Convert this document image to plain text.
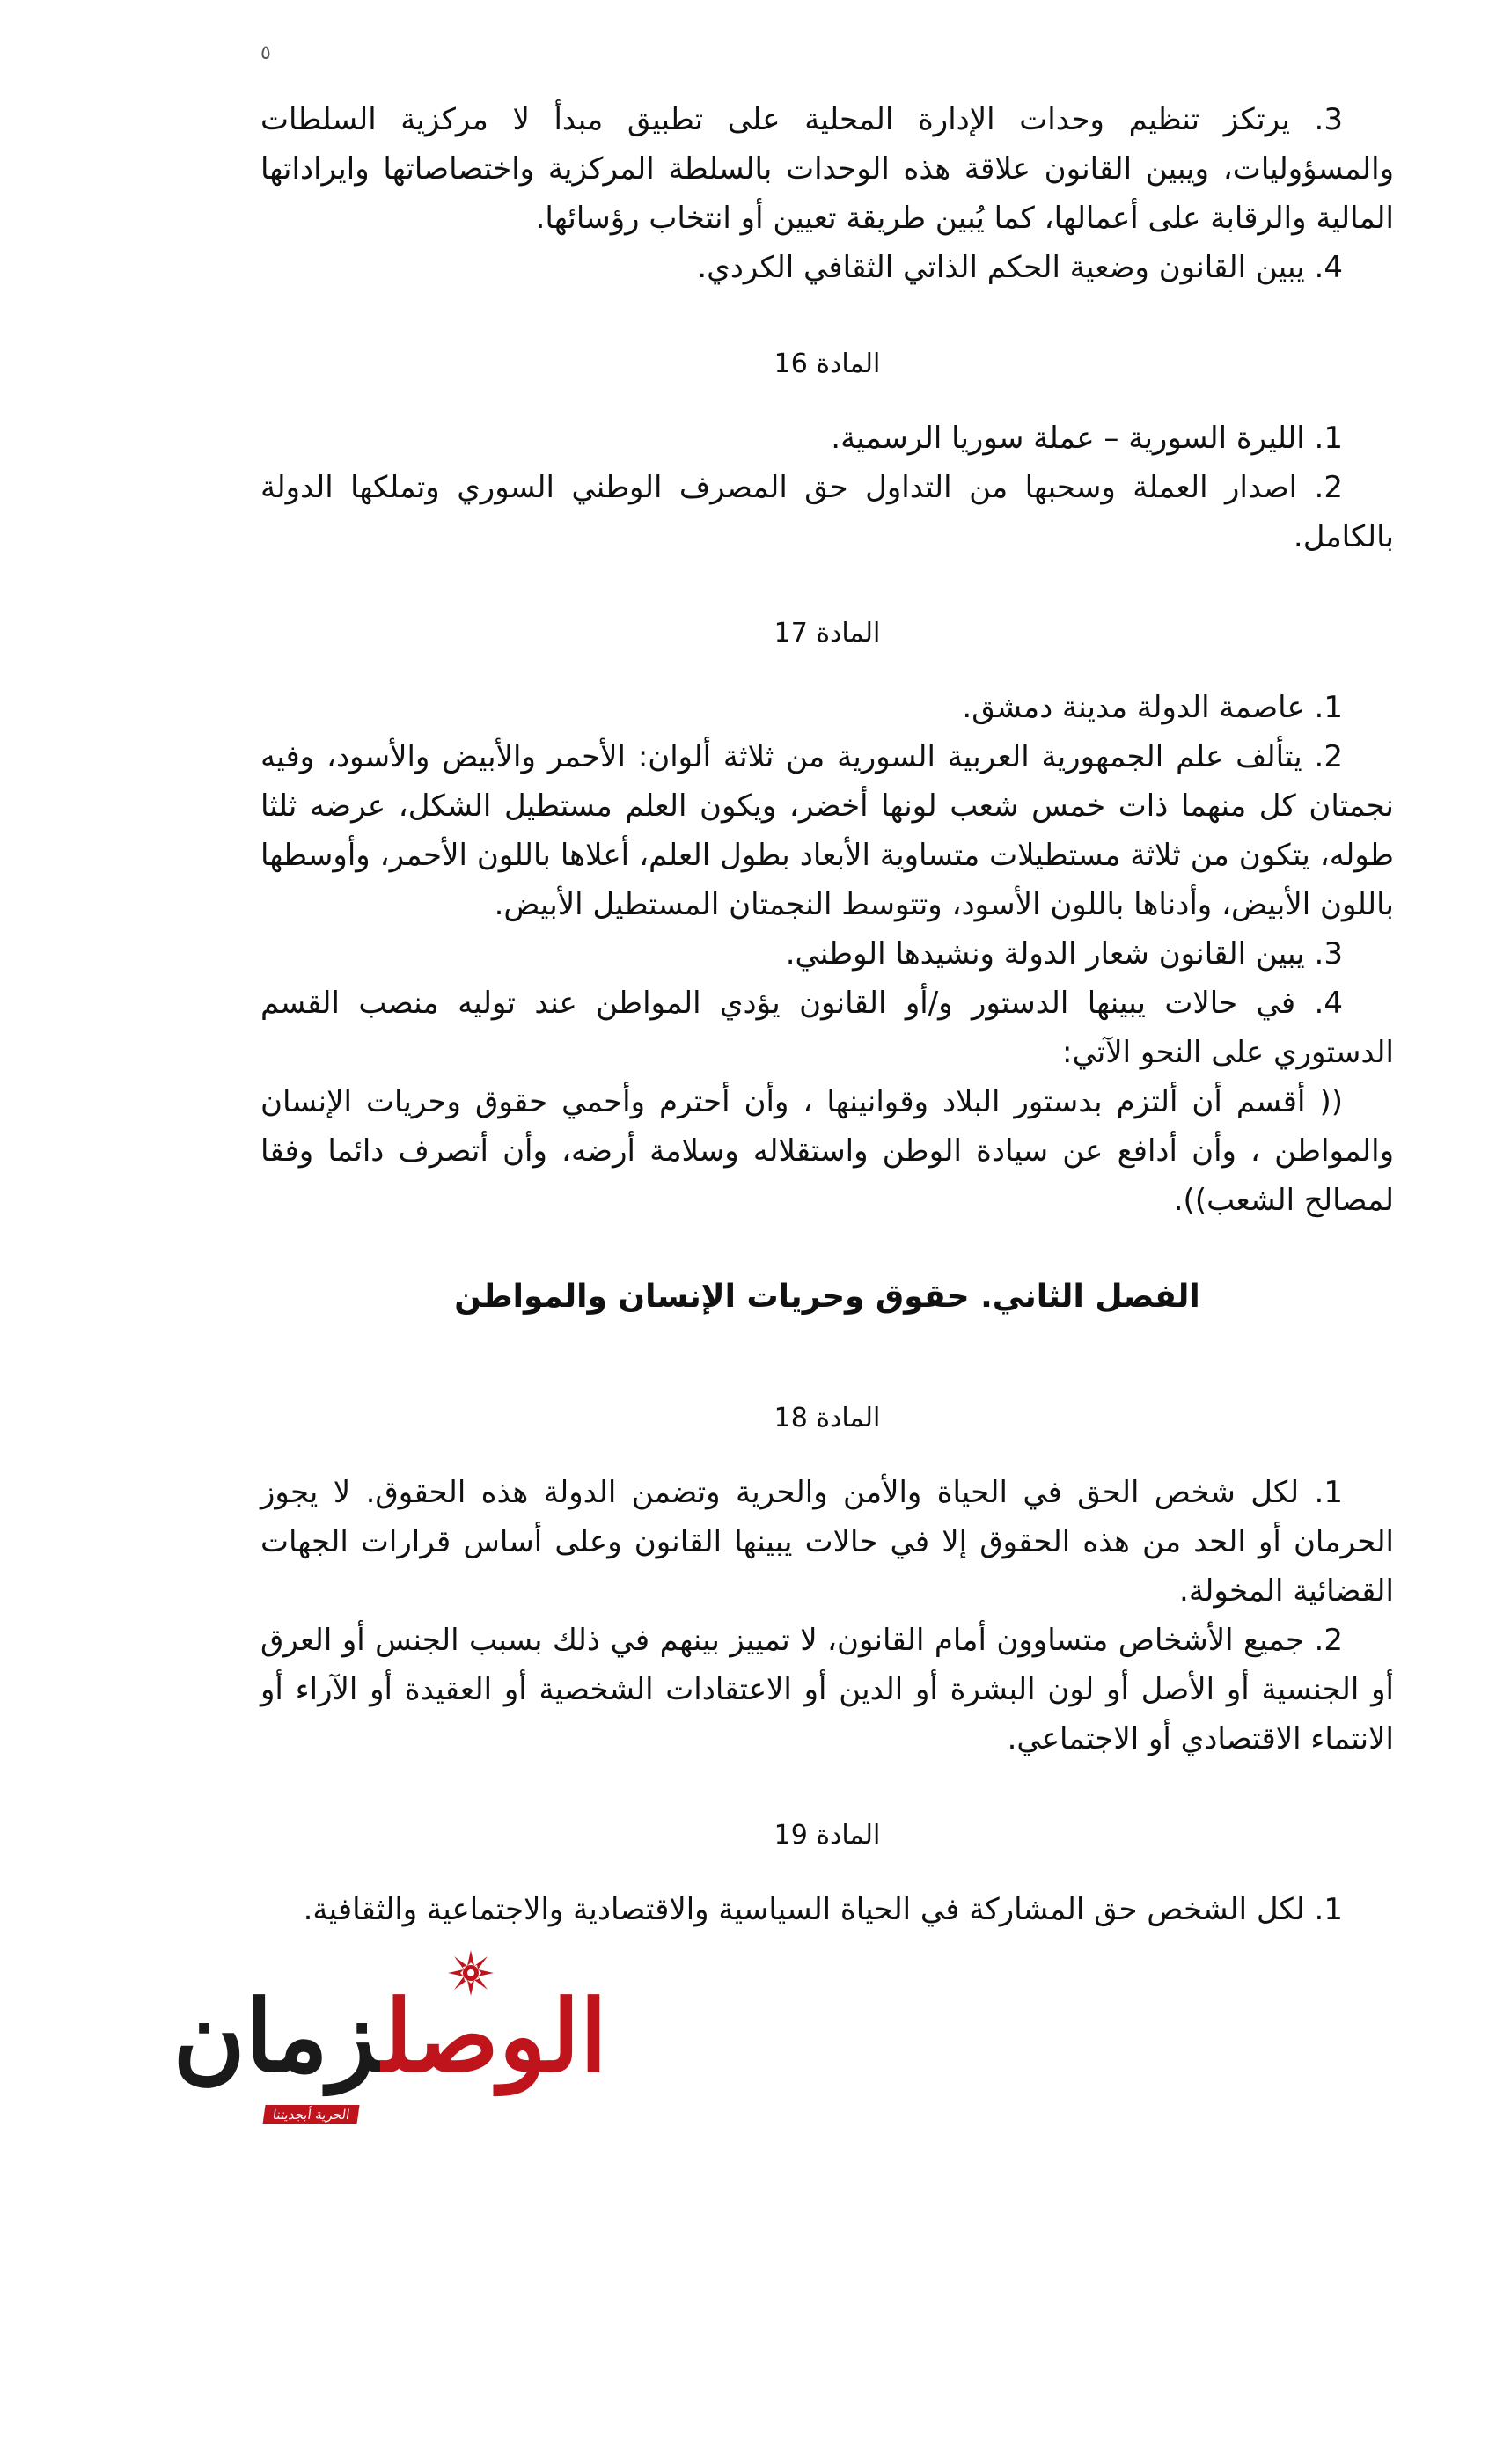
٥

3. يرتكز تنظيم وحدات الإدارة المحلية على تطبيق مبدأ لا مركزية السلطات والمسؤوليات، ويبين القانون علاقة هذه الوحدات بالسلطة المركزية واختصاصاتها وايراداتها المالية والرقابة على أعمالها، كما يُبين طريقة تعيين أو انتخاب رؤسائها.

4. يبين القانون وضعية الحكم الذاتي الثقافي الكردي.

المادة 16

1. الليرة السورية – عملة سوريا الرسمية.

2. اصدار العملة وسحبها من التداول حق المصرف الوطني السوري وتملكها الدولة بالكامل.

المادة 17

1. عاصمة الدولة مدينة دمشق.

2. يتألف علم الجمهورية العربية السورية من ثلاثة ألوان: الأحمر والأبيض والأسود، وفيه نجمتان كل منهما ذات خمس شعب لونها أخضر، ويكون العلم مستطيل الشكل، عرضه ثلثا طوله، يتكون من ثلاثة مستطيلات متساوية الأبعاد بطول العلم، أعلاها باللون الأحمر، وأوسطها باللون الأبيض، وأدناها باللون الأسود، وتتوسط النجمتان المستطيل الأبيض.

3. يبين القانون شعار الدولة ونشيدها الوطني.

4. في حالات يبينها الدستور و/أو القانون يؤدي المواطن عند توليه منصب القسم الدستوري على النحو الآتي:

(( أقسم أن ألتزم بدستور البلاد وقوانينها ، وأن أحترم وأحمي حقوق وحريات الإنسان والمواطن ، وأن أدافع عن سيادة الوطن واستقلاله وسلامة أرضه، وأن أتصرف دائما وفقا لمصالح الشعب)).

الفصل الثاني. حقوق وحريات الإنسان والمواطن

المادة 18

1. لكل شخص الحق في الحياة والأمن والحرية وتضمن الدولة هذه الحقوق. لا يجوز الحرمان أو الحد من هذه الحقوق إلا في حالات يبينها القانون وعلى أساس قرارات الجهات القضائية المخولة.

2. جميع الأشخاص متساوون أمام القانون، لا تمييز بينهم في ذلك بسبب الجنس أو العرق أو الجنسية أو الأصل أو لون البشرة أو الدين أو الاعتقادات الشخصية أو العقيدة أو الآراء أو الانتماء الاقتصادي أو الاجتماعي.

المادة 19

1. لكل الشخص حق المشاركة في الحياة السياسية والاقتصادية والاجتماعية والثقافية.

الوصلزمان
الحرية أبجديتنا
